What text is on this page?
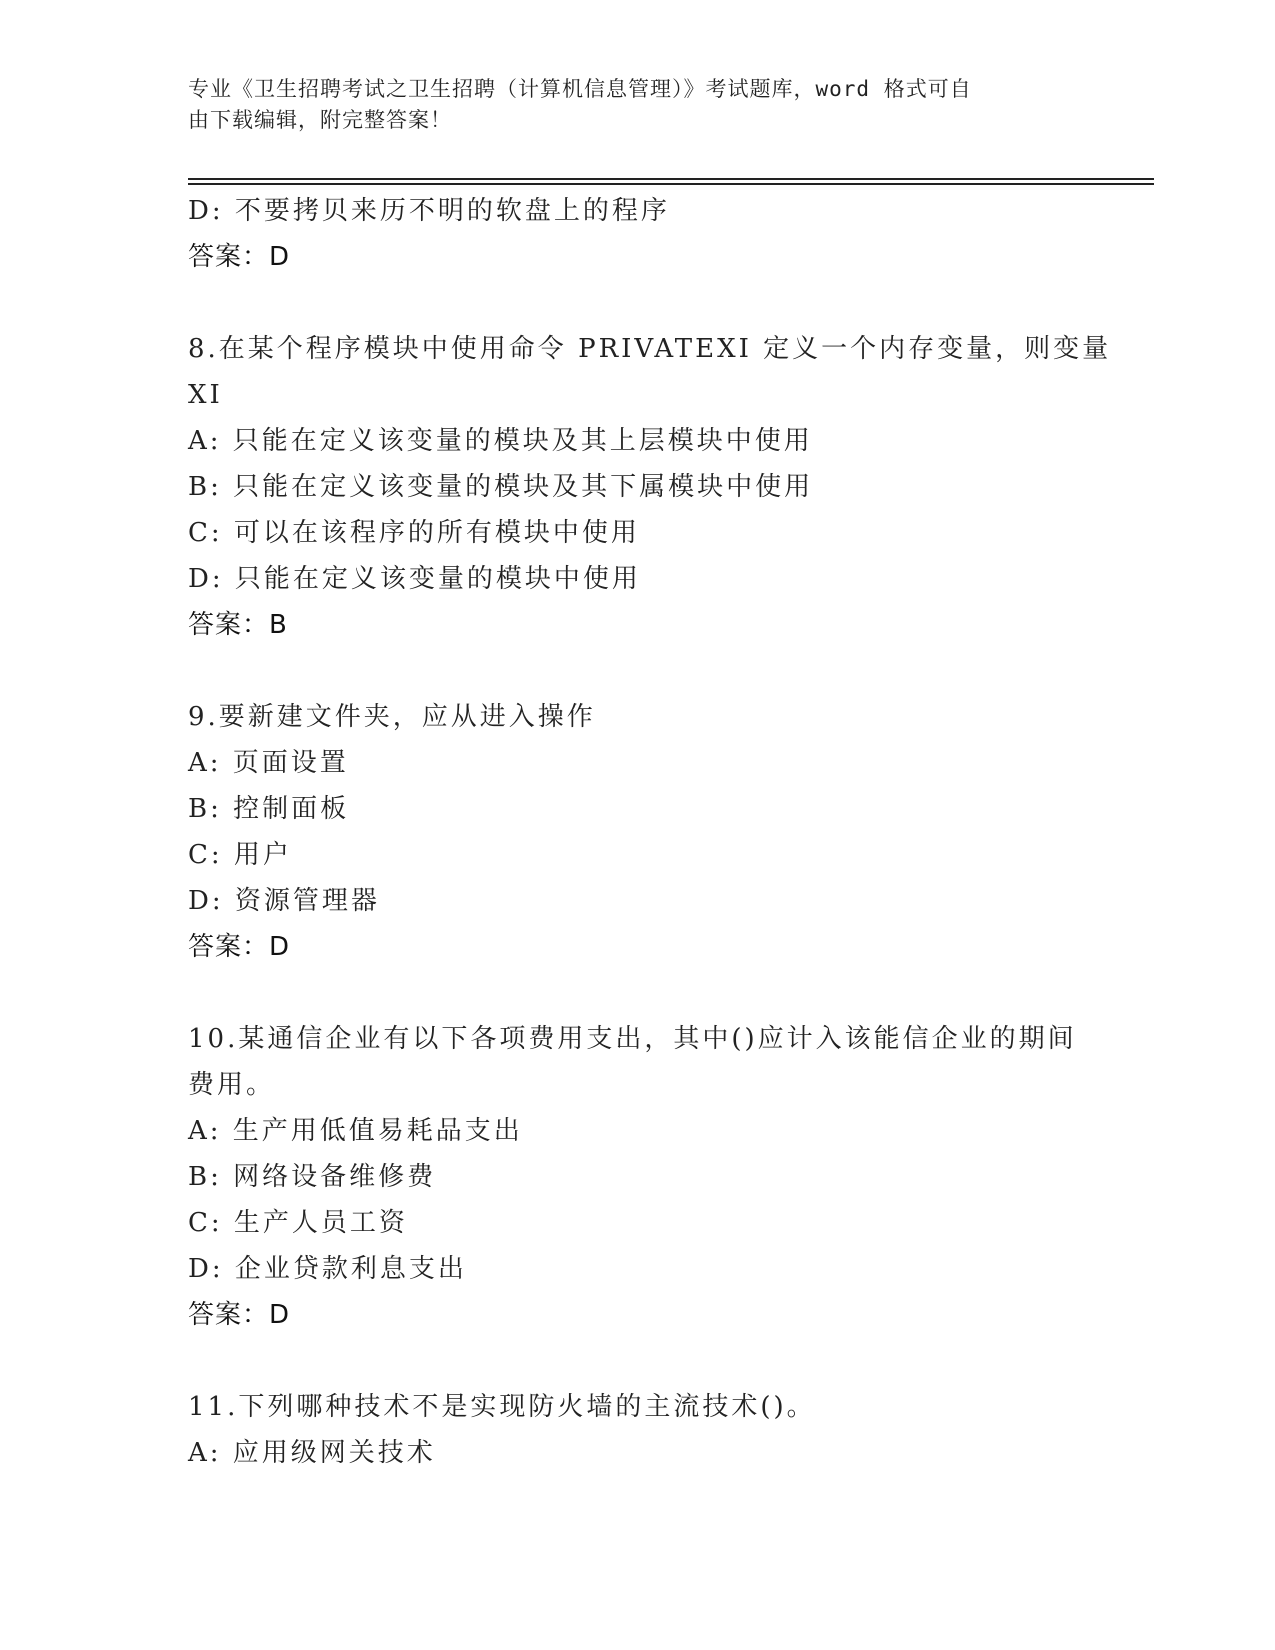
专业《卫生招聘考试之卫生招聘（计算机信息管理）》考试题库，word 格式可自
由下载编辑，附完整答案！
D: 不要拷贝来历不明的软盘上的程序
答案：D
8.在某个程序模块中使用命令 PRIVATEXI 定义一个内存变量，则变量
XI
A: 只能在定义该变量的模块及其上层模块中使用
B: 只能在定义该变量的模块及其下属模块中使用
C: 可以在该程序的所有模块中使用
D: 只能在定义该变量的模块中使用
答案：B
9.要新建文件夹，应从进入操作
A: 页面设置
B: 控制面板
C: 用户
D: 资源管理器
答案：D
10.某通信企业有以下各项费用支出，其中()应计入该能信企业的期间
费用。
A: 生产用低值易耗品支出
B: 网络设备维修费
C: 生产人员工资
D: 企业贷款利息支出
答案：D
11.下列哪种技术不是实现防火墙的主流技术()。
A: 应用级网关技术
